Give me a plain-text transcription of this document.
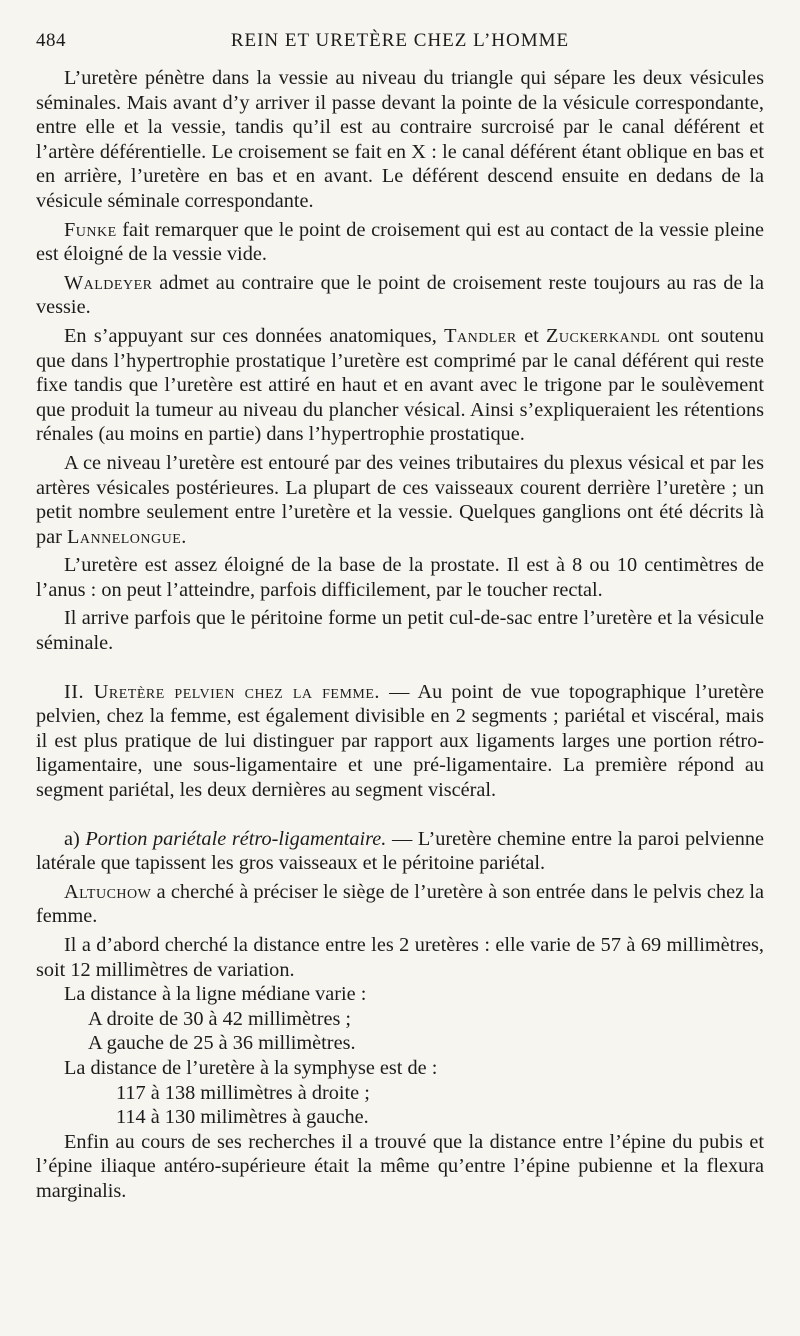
484	REIN ET URETÈRE CHEZ L’HOMME

L’uretère pénètre dans la vessie au niveau du triangle qui sépare les deux vésicules séminales. Mais avant d’y arriver il passe devant la pointe de la vésicule correspondante, entre elle et la vessie, tandis qu’il est au contraire surcroisé par le canal déférent et l’artère déférentielle. Le croisement se fait en X : le canal déférent étant oblique en bas et en arrière, l’uretère en bas et en avant. Le déférent descend ensuite en dedans de la vésicule séminale correspondante.

Funke fait remarquer que le point de croisement qui est au contact de la vessie pleine est éloigné de la vessie vide.

Waldeyer admet au contraire que le point de croisement reste toujours au ras de la vessie.

En s’appuyant sur ces données anatomiques, Tandler et Zuckerkandl ont soutenu que dans l’hypertrophie prostatique l’uretère est comprimé par le canal déférent qui reste fixe tandis que l’uretère est attiré en haut et en avant avec le trigone par le soulèvement que produit la tumeur au niveau du plancher vésical. Ainsi s’expliqueraient les rétentions rénales (au moins en partie) dans l’hypertrophie prostatique.

A ce niveau l’uretère est entouré par des veines tributaires du plexus vésical et par les artères vésicales postérieures. La plupart de ces vaisseaux courent derrière l’uretère ; un petit nombre seulement entre l’uretère et la vessie. Quelques ganglions ont été décrits là par Lannelongue.

L’uretère est assez éloigné de la base de la prostate. Il est à 8 ou 10 centimètres de l’anus : on peut l’atteindre, parfois difficilement, par le toucher rectal.

Il arrive parfois que le péritoine forme un petit cul-de-sac entre l’uretère et la vésicule séminale.

II. Uretère pelvien chez la femme. — Au point de vue topographique l’uretère pelvien, chez la femme, est également divisible en 2 segments ; pariétal et viscéral, mais il est plus pratique de lui distinguer par rapport aux ligaments larges une portion rétro-ligamentaire, une sous-ligamentaire et une pré-ligamentaire. La première répond au segment pariétal, les deux dernières au segment viscéral.

a) Portion pariétale rétro-ligamentaire. — L’uretère chemine entre la paroi pelvienne latérale que tapissent les gros vaisseaux et le péritoine pariétal.

Altuchow a cherché à préciser le siège de l’uretère à son entrée dans le pelvis chez la femme.

Il a d’abord cherché la distance entre les 2 uretères : elle varie de 57 à 69 millimètres, soit 12 millimètres de variation.

La distance à la ligne médiane varie :

A droite de 30 à 42 millimètres ;

A gauche de 25 à 36 millimètres.

La distance de l’uretère à la symphyse est de :

117 à 138 millimètres à droite ;

114 à 130 milimètres à gauche.

Enfin au cours de ses recherches il a trouvé que la distance entre l’épine du pubis et l’épine iliaque antéro-supérieure était la même qu’entre l’épine pubienne et la flexura marginalis.
